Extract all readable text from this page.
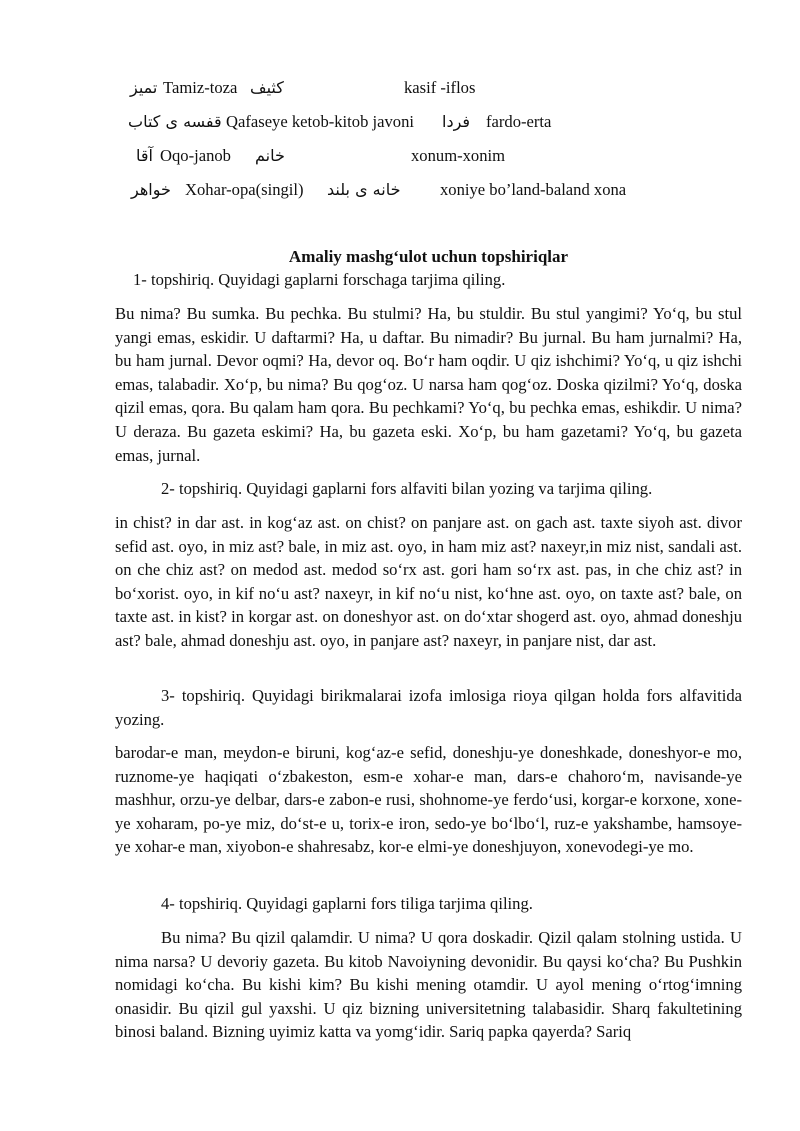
تمیز Tamiz-toza کثیف	kasif -iflos
قفسه ی کتاب Qafaseye ketob-kitob javoni فردا fardo-erta
آقا Oqo-janob خانم	xonum-xonim
خواهر Xohar-opa(singil) خانه ی بلند xoniye bo’land-baland xona
Amaliy mashgʻulot uchun topshiriqlar

1- topshiriq. Quyidagi gaplarni forschaga tarjima qiling.

Bu nima? Bu sumka. Bu pechka. Bu stulmi? Ha, bu stuldir. Bu stul yangimi? Yoʻq, bu stul yangi emas, eskidir. U daftarmi? Ha, u daftar. Bu nimadir? Bu jurnal. Bu ham jurnalmi? Ha, bu ham jurnal. Devor oqmi? Ha, devor oq. Boʻr ham oqdir. U qiz ishchimi? Yoʻq, u qiz ishchi emas, talabadir. Xoʻp, bu nima? Bu qogʻoz. U narsa ham qogʻoz. Doska qizilmi? Yoʻq, doska qizil emas, qora. Bu qalam ham qora. Bu pechkami? Yoʻq, bu pechka emas, eshikdir. U nima? U deraza. Bu gazeta eskimi? Ha, bu gazeta eski. Xoʻp, bu ham gazetami? Yoʻq, bu gazeta emas, jurnal.

2- topshiriq. Quyidagi gaplarni fors alfaviti bilan yozing va tarjima qiling.

in chist? in dar ast. in kogʻaz ast. on chist? on panjare ast. on gach ast. taxte siyoh ast. divor sefid ast. oyo, in miz ast? bale, in miz ast. oyo, in ham miz ast? naxeyr,in miz nist, sandali ast. on che chiz ast? on medod ast. medod soʻrx ast. gori ham soʻrx ast. pas, in che chiz ast? in boʻxorist. oyo, in kif noʻu ast? naxeyr, in kif noʻu nist, koʻhne ast. oyo, on taxte ast? bale, on taxte ast. in kist? in korgar ast. on doneshyor ast. on doʻxtar shogerd ast. oyo, ahmad doneshju ast? bale, ahmad doneshju ast. oyo, in panjare ast? naxeyr, in panjare nist, dar ast.

3- topshiriq. Quyidagi birikmalarai izofa imlosiga rioya qilgan holda fors alfavitida yozing.

barodar-e man, meydon-e biruni, kogʻaz-e sefid, doneshju-ye doneshkade, doneshyor-e mo, ruznome-ye haqiqati oʻzbakeston, esm-e xohar-e man, dars-e chahoroʻm, navisande-ye mashhur, orzu-ye delbar, dars-e zabon-e rusi, shohnome-ye ferdoʻusi, korgar-e korxone, xone-ye xoharam, po-ye miz, doʻst-e u, torix-e iron, sedo-ye boʻlboʻl, ruz-e yakshambe, hamsoye-ye xohar-e man, xiyobon-e shahresabz, kor-e elmi-ye doneshjuyon, xonevodegi-ye mo.

4- topshiriq. Quyidagi gaplarni fors tiliga tarjima qiling.

Bu nima? Bu qizil qalamdir. U nima? U qora doskadir. Qizil qalam stolning ustida. U nima narsa? U devoriy gazeta. Bu kitob Navoiyning devonidir. Bu qaysi koʻcha? Bu Pushkin nomidagi koʻcha. Bu kishi kim? Bu kishi mening otamdir. U ayol mening oʻrtogʻimning onasidir. Bu qizil gul yaxshi. U qiz bizning universitetning talabasidir. Sharq fakultetining binosi baland. Bizning uyimiz katta va yomgʻidir. Sariq papka qayerda? Sariq
